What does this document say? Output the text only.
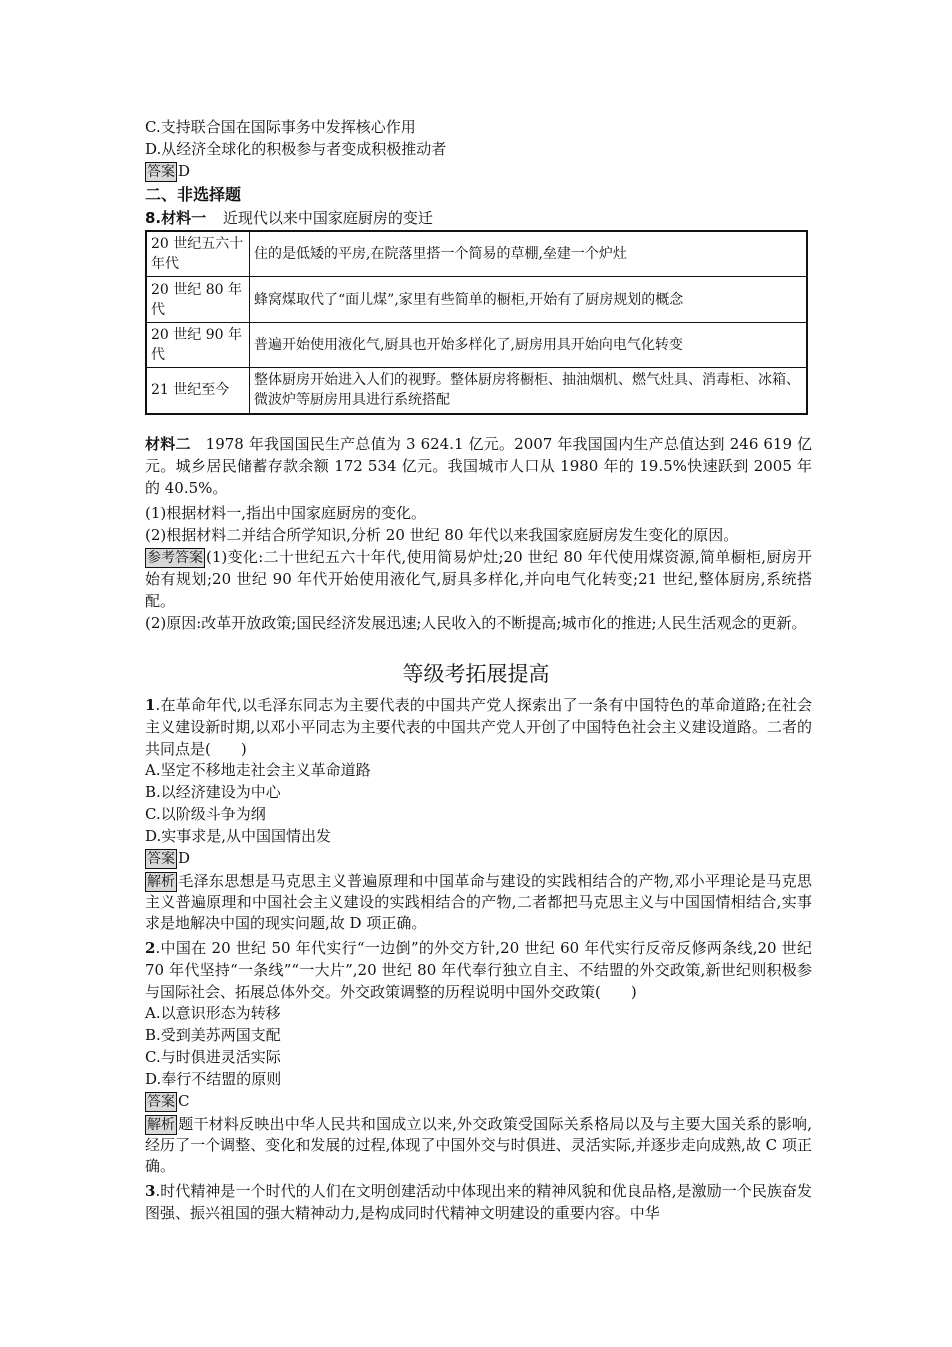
C.支持联合国在国际事务中发挥核心作用
D.从经济全球化的积极参与者变成积极推动者
答案 D
二、非选择题
8.材料一 近现代以来中国家庭厨房的变迁
20 世纪五六十年代	住的是低矮的平房,在院落里搭一个简易的草棚,垒建一个炉灶
20 世纪 80 年代	蜂窝煤取代了“面儿煤”,家里有些简单的橱柜,开始有了厨房规划的概念
20 世纪 90 年代	普遍开始使用液化气,厨具也开始多样化了,厨房用具开始向电气化转变
21 世纪至今	整体厨房开始进入人们的视野。整体厨房将橱柜、抽油烟机、燃气灶具、消毒柜、冰箱、微波炉等厨房用具进行系统搭配
材料二 1978 年我国国民生产总值为 3 624.1 亿元。2007 年我国国内生产总值达到 246 619 亿元。城乡居民储蓄存款余额 172 534 亿元。我国城市人口从 1980 年的 19.5%快速跃到 2005 年的 40.5%。
(1)根据材料一,指出中国家庭厨房的变化。
(2)根据材料二并结合所学知识,分析 20 世纪 80 年代以来我国家庭厨房发生变化的原因。
参考答案 (1)变化:二十世纪五六十年代,使用简易炉灶;20 世纪 80 年代使用煤资源,简单橱柜,厨房开始有规划;20 世纪 90 年代开始使用液化气,厨具多样化,并向电气化转变;21 世纪,整体厨房,系统搭配。
(2)原因:改革开放政策;国民经济发展迅速;人民收入的不断提高;城市化的推进;人民生活观念的更新。
等级考拓展提高
1.在革命年代,以毛泽东同志为主要代表的中国共产党人探索出了一条有中国特色的革命道路;在社会主义建设新时期,以邓小平同志为主要代表的中国共产党人开创了中国特色社会主义建设道路。二者的共同点是(　　)
A.坚定不移地走社会主义革命道路
B.以经济建设为中心
C.以阶级斗争为纲
D.实事求是,从中国国情出发
答案 D
解析 毛泽东思想是马克思主义普遍原理和中国革命与建设的实践相结合的产物,邓小平理论是马克思主义普遍原理和中国社会主义建设的实践相结合的产物,二者都把马克思主义与中国国情相结合,实事求是地解决中国的现实问题,故 D 项正确。
2.中国在 20 世纪 50 年代实行“一边倒”的外交方针,20 世纪 60 年代实行反帝反修两条线,20 世纪 70 年代坚持“一条线”“一大片”,20 世纪 80 年代奉行独立自主、不结盟的外交政策,新世纪则积极参与国际社会、拓展总体外交。外交政策调整的历程说明中国外交政策(　　)
A.以意识形态为转移
B.受到美苏两国支配
C.与时俱进灵活实际
D.奉行不结盟的原则
答案 C
解析 题干材料反映出中华人民共和国成立以来,外交政策受国际关系格局以及与主要大国关系的影响,经历了一个调整、变化和发展的过程,体现了中国外交与时俱进、灵活实际,并逐步走向成熟,故 C 项正确。
3.时代精神是一个时代的人们在文明创建活动中体现出来的精神风貌和优良品格,是激励一个民族奋发图强、振兴祖国的强大精神动力,是构成同时代精神文明建设的重要内容。中华
